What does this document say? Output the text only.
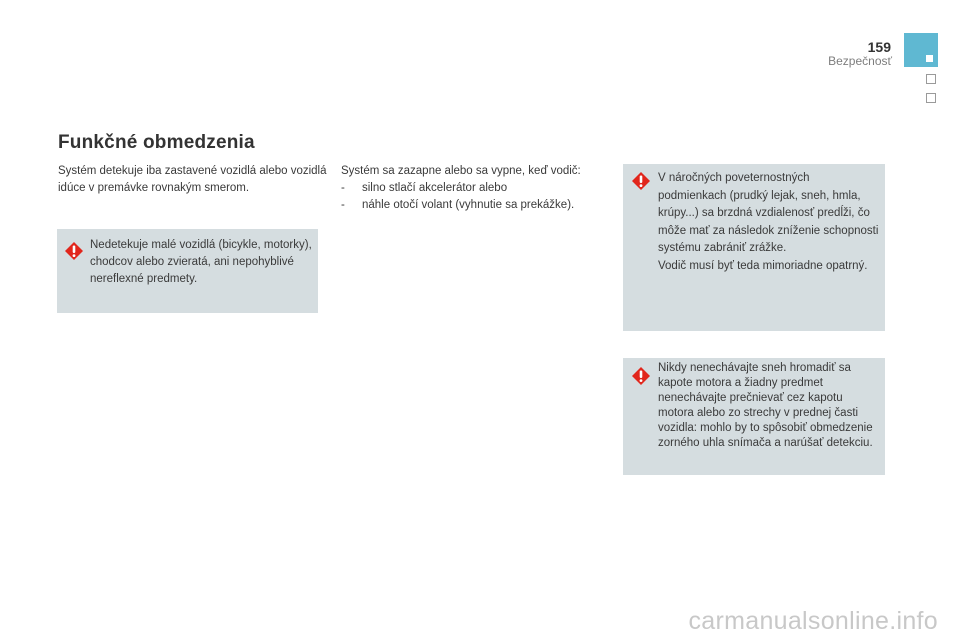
159
Bezpečnosť
Funkčné obmedzenia

Systém detekuje iba zastavené vozidlá alebo vozidlá idúce v premávke rovnakým smerom.

Systém sa zazapne alebo sa vypne, keď vodič:
-	silno stlačí akcelerátor alebo
-	náhle otočí volant (vyhnutie sa prekážke).

Nedetekuje malé vozidlá (bicykle, motorky), chodcov alebo zvieratá, ani nepohyblivé nereflexné predmety.

V náročných poveternostných podmienkach (prudký lejak, sneh, hmla, krúpy...) sa brzdná vzdialenosť predĺži, čo môže mať za následok zníženie schopnosti systému zabrániť zrážke.
Vodič musí byť teda mimoriadne opatrný.

Nikdy nenechávajte sneh hromadiť sa kapote motora a žiadny predmet nenechávajte prečnievať cez kapotu motora alebo zo strechy v prednej časti vozidla: mohlo by to spôsobiť obmedzenie zorného uhla snímača a narúšať detekciu.

carmanualsonline.info
